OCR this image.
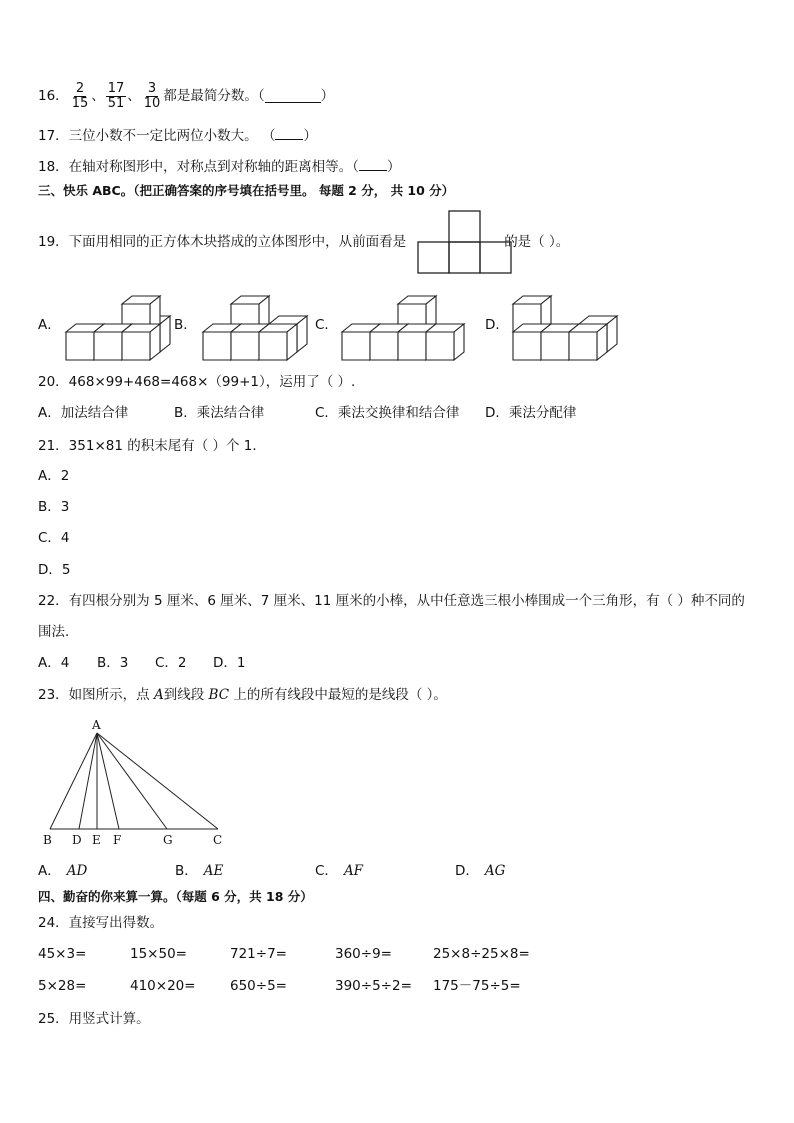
16． $\frac{2}{15}$ 、 $\frac{17}{51}$ 、 $\frac{3}{10}$ 都是最简分数。（	）
17．三位小数不一定比两位小数大。 （ ）
18．在轴对称图形中，对称点到对称轴的距离相等。（ ）
三、快乐 ABC。（把正确答案的序号填在括号里。 每题 2 分， 共 10 分）
19．下面用相同的正方体木块搭成的立体图形中，从前面看是	的是（ ）。
A．	B．	C．	D．
20．468×99+468=468×（99+1），运用了（ ）.
A．加法结合律	B．乘法结合律	C．乘法交换律和结合律 D．乘法分配律
21．351×81 的积末尾有（ ）个 1．
A．2
B．3
C．4
D．5
22．有四根分别为 5 厘米、6 厘米、7 厘米、11 厘米的小棒，从中任意选三根小棒围成一个三角形，有（ ）种不同的
围法．
A．4 B．3 C．2 D．1
23．如图所示，点 A到线段 BC 上的所有线段中最短的是线段（ ）。
A
B D E F	G	C
A． AD	B． AE	C． AF	D． AG
四、勤奋的你来算一算。（每题 6 分，共 18 分）
24．直接写出得数。
45×3=	15×50=	721÷7=	360÷9=	25×8÷25×8=
5×28=	410×20=	650÷5=	390÷5÷2= 175－75÷5=
25．用竖式计算。
